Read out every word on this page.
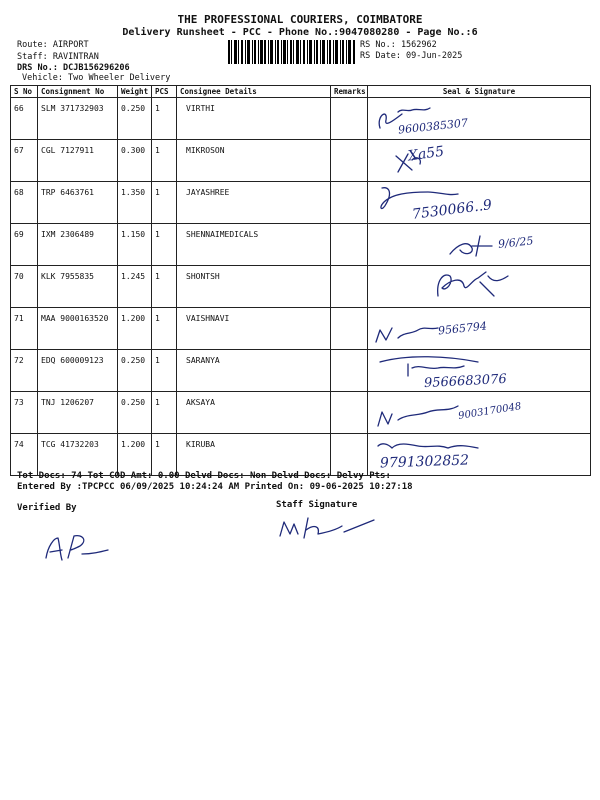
THE PROFESSIONAL COURIERS, COIMBATORE
Delivery Runsheet - PCC - Phone No.:9047080280 - Page No.:6
Route: AIRPORT
Staff: RAVINTRAN
DRS No.: DCJB156296206
Vehicle: Two Wheeler Delivery
RS No.: 1562962
RS Date: 09-Jun-2025
S No	Consignment No	Weight	PCS	Consignee Details	Remarks	Seal & Signature
66	SLM 371732903	0.250	1	VIRTHI		9600385307

67	CGL 7127911	0.300	1	MIKROSON		Xa55

68	TRP 6463761	1.350	1	JAYASHREE		7530066..9

69	IXM 2306489	1.150	1	SHENNAIMEDICALS		9/6/25

70	KLK 7955835	1.245	1	SHONTSH		

71	MAA 9000163520	1.200	1	VAISHNAVI		9565794

72	EDQ 600009123	0.250	1	SARANYA		9566683076

73	TNJ 1206207	0.250	1	AKSAYA		9003170048

74	TCG 41732203	1.200	1	KIRUBA		9791302852
Tot Docs: 74 Tot COD Amt: 0.00 Delvd Docs: Non Delvd Docs: Delvy Pts:
Entered By :TPCPCC 06/09/2025 10:24:24 AM Printed On: 09-06-2025 10:27:18
Verified By	Staff Signature
